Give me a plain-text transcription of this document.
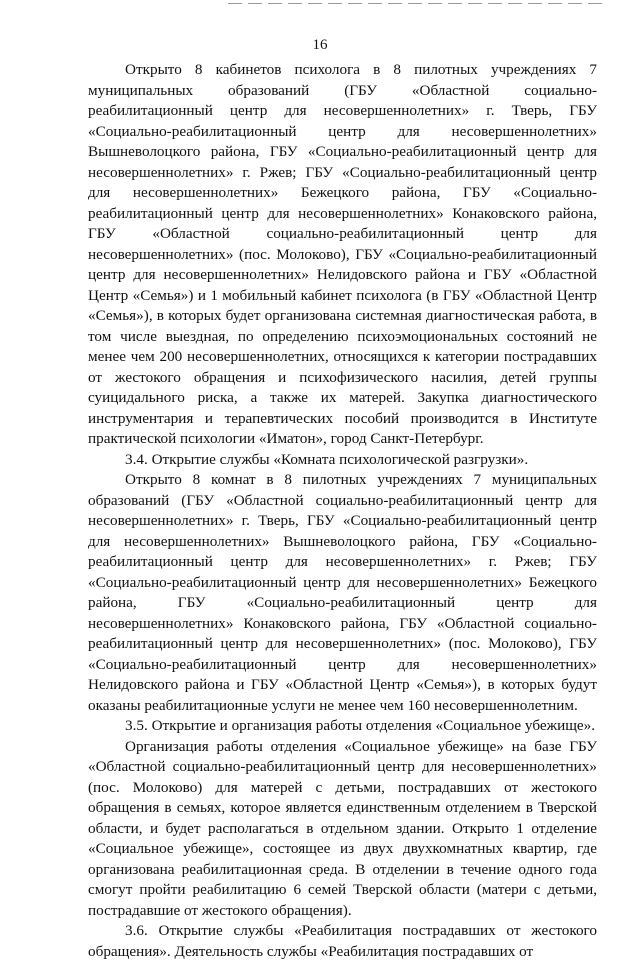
16

Открыто 8 кабинетов психолога в 8 пилотных учреждениях 7 муниципальных образований (ГБУ «Областной социально-реабилитационный центр для несовершеннолетних» г. Тверь, ГБУ «Социально-реабилитационный центр для несовершеннолетних» Вышневолоцкого района, ГБУ «Социально-реабилитационный центр для несовершеннолетних» г. Ржев; ГБУ «Социально-реабилитационный центр для несовершеннолетних» Бежецкого района, ГБУ «Социально-реабилитационный центр для несовершеннолетних» Конаковского района, ГБУ «Областной социально-реабилитационный центр для несовершеннолетних» (пос. Молоково), ГБУ «Социально-реабилитационный центр для несовершеннолетних» Нелидовского района и ГБУ «Областной Центр «Семья») и 1 мобильный кабинет психолога (в ГБУ «Областной Центр «Семья»), в которых будет организована системная диагностическая работа, в том числе выездная, по определению психоэмоциональных состояний не менее чем 200 несовершеннолетних, относящихся к категории пострадавших от жестокого обращения и психофизического насилия, детей группы суицидального риска, а также их матерей. Закупка диагностического инструментария и терапевтических пособий производится в Институте практической психологии «Иматон», город Санкт-Петербург.

3.4. Открытие службы «Комната психологической разгрузки».

Открыто 8 комнат в 8 пилотных учреждениях 7 муниципальных образований (ГБУ «Областной социально-реабилитационный центр для несовершеннолетних» г. Тверь, ГБУ «Социально-реабилитационный центр для несовершеннолетних» Вышневолоцкого района, ГБУ «Социально-реабилитационный центр для несовершеннолетних» г. Ржев; ГБУ «Социально-реабилитационный центр для несовершеннолетних» Бежецкого района, ГБУ «Социально-реабилитационный центр для несовершеннолетних» Конаковского района, ГБУ «Областной социально-реабилитационный центр для несовершеннолетних» (пос. Молоково), ГБУ «Социально-реабилитационный центр для несовершеннолетних» Нелидовского района и ГБУ «Областной Центр «Семья»), в которых будут оказаны реабилитационные услуги не менее чем 160 несовершеннолетним.

3.5. Открытие и организация работы отделения «Социальное убежище».

Организация работы отделения «Социальное убежище» на базе ГБУ «Областной социально-реабилитационный центр для несовершеннолетних» (пос. Молоково) для матерей с детьми, пострадавших от жестокого обращения в семьях, которое является единственным отделением в Тверской области, и будет располагаться в отдельном здании. Открыто 1 отделение «Социальное убежище», состоящее из двух двухкомнатных квартир, где организована реабилитационная среда. В отделении в течение одного года смогут пройти реабилитацию 6 семей Тверской области (матери с детьми, пострадавшие от жестокого обращения).

3.6. Открытие службы «Реабилитация пострадавших от жестокого обращения». Деятельность службы «Реабилитация пострадавших от
